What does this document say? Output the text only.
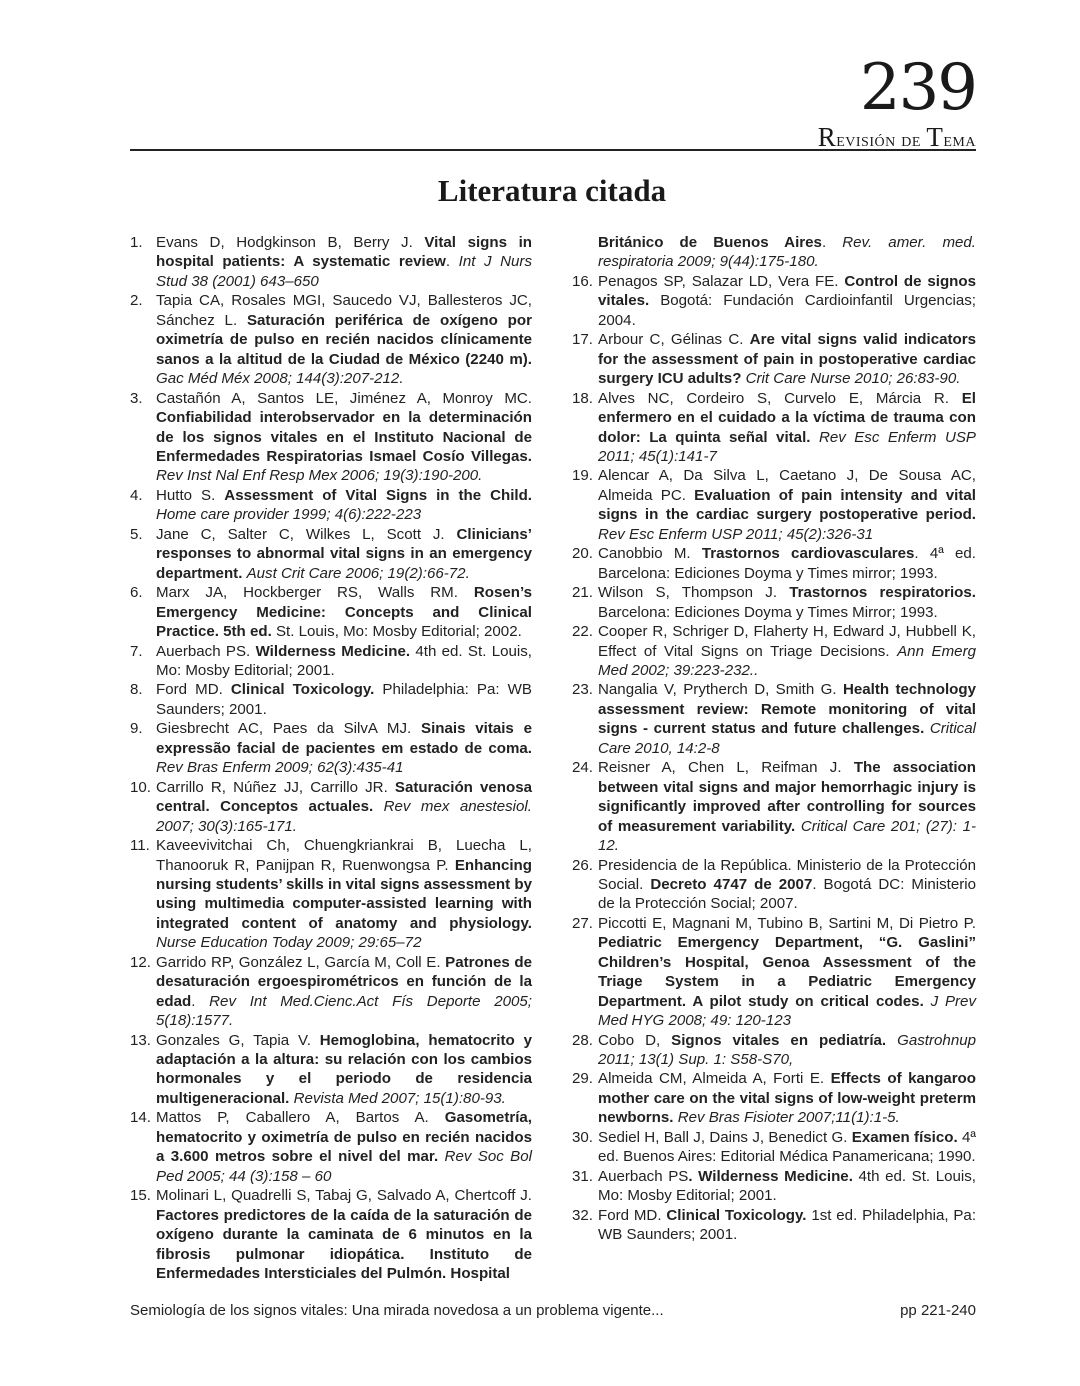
239
Revisión de Tema
Literatura citada
1. Evans D, Hodgkinson B, Berry J. Vital signs in hospital patients: A systematic review. Int J Nurs Stud 38 (2001) 643–650
2. Tapia CA, Rosales MGI, Saucedo VJ, Ballesteros JC, Sánchez L. Saturación periférica de oxígeno por oximetría de pulso en recién nacidos clínicamente sanos a la altitud de la Ciudad de México (2240 m). Gac Méd Méx 2008; 144(3):207-212.
3. Castañón A, Santos LE, Jiménez A, Monroy MC. Confiabilidad interobservador en la determinación de los signos vitales en el Instituto Nacional de Enfermedades Respiratorias Ismael Cosío Villegas. Rev Inst Nal Enf Resp Mex 2006; 19(3):190-200.
4. Hutto S. Assessment of Vital Signs in the Child. Home care provider 1999; 4(6):222-223
5. Jane C, Salter C, Wilkes L, Scott J. Clinicians’ responses to abnormal vital signs in an emergency department. Aust Crit Care 2006; 19(2):66-72.
6. Marx JA, Hockberger RS, Walls RM. Rosen’s Emergency Medicine: Concepts and Clinical Practice. 5th ed. St. Louis, Mo: Mosby Editorial; 2002.
7. Auerbach PS. Wilderness Medicine. 4th ed. St. Louis, Mo: Mosby Editorial; 2001.
8. Ford MD. Clinical Toxicology. Philadelphia: Pa: WB Saunders; 2001.
9. Giesbrecht AC, Paes da SilvA MJ. Sinais vitais e expressão facial de pacientes em estado de coma. Rev Bras Enferm 2009; 62(3):435-41
10. Carrillo R, Núñez JJ, Carrillo JR. Saturación venosa central. Conceptos actuales. Rev mex anestesiol. 2007; 30(3):165-171.
11. Kaveevivitchai Ch, Chuengkriankrai B, Luecha L, Thanooruk R, Panijpan R, Ruenwongsa P. Enhancing nursing students’ skills in vital signs assessment by using multimedia computer-assisted learning with integrated content of anatomy and physiology. Nurse Education Today 2009; 29:65–72
12. Garrido RP, González L, García M, Coll E. Patrones de desaturación ergoespirométricos en función de la edad. Rev Int Med.Cienc.Act Fís Deporte 2005; 5(18):1577.
13. Gonzales G, Tapia V. Hemoglobina, hematocrito y adaptación a la altura: su relación con los cambios hormonales y el periodo de residencia multigeneracional. Revista Med 2007; 15(1):80-93.
14. Mattos P, Caballero A, Bartos A. Gasometría, hematocrito y oximetría de pulso en recién nacidos a 3.600 metros sobre el nivel del mar. Rev Soc Bol Ped 2005; 44 (3):158 – 60
15. Molinari L, Quadrelli S, Tabaj G, Salvado A, Chertcoff J. Factores predictores de la caída de la saturación de oxígeno durante la caminata de 6 minutos en la fibrosis pulmonar idiopática. Instituto de Enfermedades Intersticiales del Pulmón. Hospital
Británico de Buenos Aires. Rev. amer. med. respiratoria 2009; 9(44):175-180.
16. Penagos SP, Salazar LD, Vera FE. Control de signos vitales. Bogotá: Fundación Cardioinfantil Urgencias; 2004.
17. Arbour C, Gélinas C. Are vital signs valid indicators for the assessment of pain in postoperative cardiac surgery ICU adults? Crit Care Nurse 2010; 26:83-90.
18. Alves NC, Cordeiro S, Curvelo E, Márcia R. El enfermero en el cuidado a la víctima de trauma con dolor: La quinta señal vital. Rev Esc Enferm USP 2011; 45(1):141-7
19. Alencar A, Da Silva L, Caetano J, De Sousa AC, Almeida PC. Evaluation of pain intensity and vital signs in the cardiac surgery postoperative period. Rev Esc Enferm USP 2011; 45(2):326-31
20. Canobbio M. Trastornos cardiovasculares. 4ª ed. Barcelona: Ediciones Doyma y Times mirror; 1993.
21. Wilson S, Thompson J. Trastornos respiratorios. Barcelona: Ediciones Doyma y Times Mirror; 1993.
22. Cooper R, Schriger D, Flaherty H, Edward J, Hubbell K, Effect of Vital Signs on Triage Decisions. Ann Emerg Med 2002; 39:223-232..
23. Nangalia V, Prytherch D, Smith G. Health technology assessment review: Remote monitoring of vital signs - current status and future challenges. Critical Care 2010, 14:2-8
24. Reisner A, Chen L, Reifman J. The association between vital signs and major hemorrhagic injury is significantly improved after controlling for sources of measurement variability. Critical Care 201; (27): 1-12.
26. Presidencia de la República. Ministerio de la Protección Social. Decreto 4747 de 2007. Bogotá DC: Ministerio de la Protección Social; 2007.
27. Piccotti E, Magnani M, Tubino B, Sartini M, Di Pietro P. Pediatric Emergency Department, “G. Gaslini” Children’s Hospital, Genoa Assessment of the Triage System in a Pediatric Emergency Department. A pilot study on critical codes. J Prev Med HYG 2008; 49: 120-123
28. Cobo D, Signos vitales en pediatría. Gastrohnup 2011; 13(1) Sup. 1: S58-S70,
29. Almeida CM, Almeida A, Forti E. Effects of kangaroo mother care on the vital signs of low-weight preterm newborns. Rev Bras Fisioter 2007;11(1):1-5.
30. Sediel H, Ball J, Dains J, Benedict G. Examen físico. 4ª ed. Buenos Aires: Editorial Médica Panamericana; 1990.
31. Auerbach PS. Wilderness Medicine. 4th ed. St. Louis, Mo: Mosby Editorial; 2001.
32. Ford MD. Clinical Toxicology. 1st ed. Philadelphia, Pa: WB Saunders; 2001.
Semiología de los signos vitales: Una mirada novedosa a un problema vigente...	pp 221-240
